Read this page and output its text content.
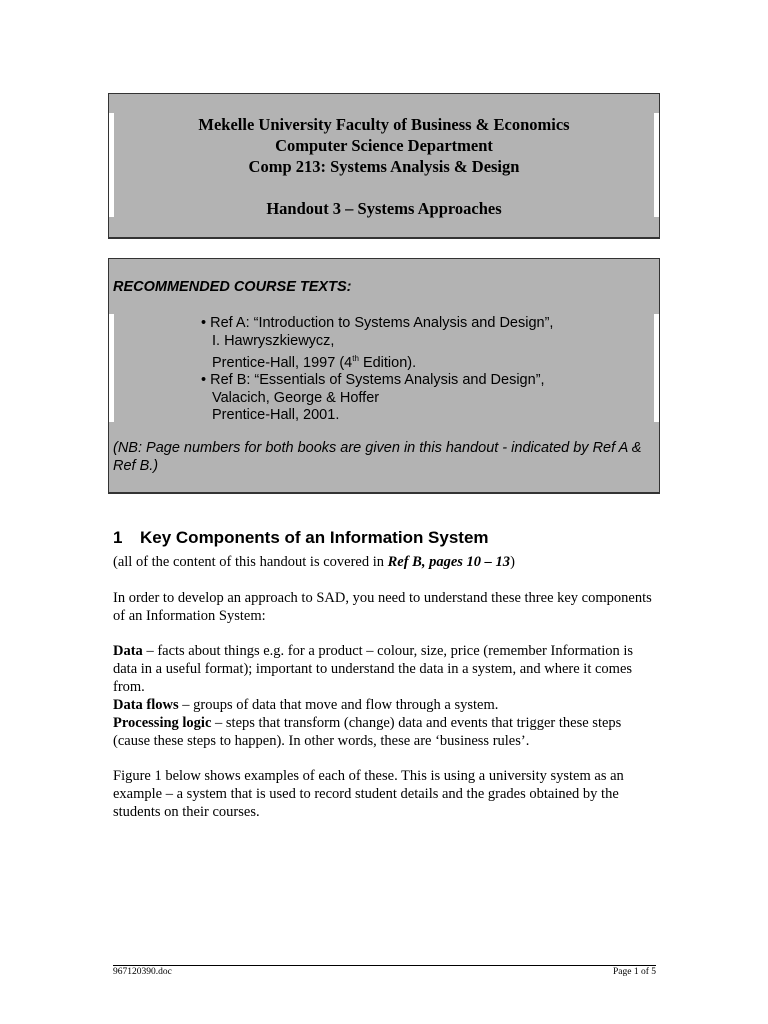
Mekelle University Faculty of Business & Economics
Computer Science Department
Comp 213: Systems Analysis & Design
Handout 3 – Systems Approaches
RECOMMENDED COURSE TEXTS:
• Ref A: “Introduction to Systems Analysis and Design”,
I. Hawryszkiewycz,
Prentice-Hall, 1997 (4th Edition).
• Ref B: “Essentials of Systems Analysis and Design”,
Valacich, George & Hoffer
Prentice-Hall, 2001.
(NB: Page numbers for both books are given in this handout - indicated by Ref A & Ref B.)
1 Key Components of an Information System
(all of the content of this handout is covered in Ref B, pages 10 – 13)
In order to develop an approach to SAD, you need to understand these three key components of an Information System:
Data – facts about things e.g. for a product – colour, size, price (remember Information is data in a useful format); important to understand the data in a system, and where it comes from.
Data flows – groups of data that move and flow through a system.
Processing logic – steps that transform (change) data and events that trigger these steps (cause these steps to happen). In other words, these are ‘business rules’.
Figure 1 below shows examples of each of these. This is using a university system as an example – a system that is used to record student details and the grades obtained by the students on their courses.
967120390.doc	Page 1 of 5
